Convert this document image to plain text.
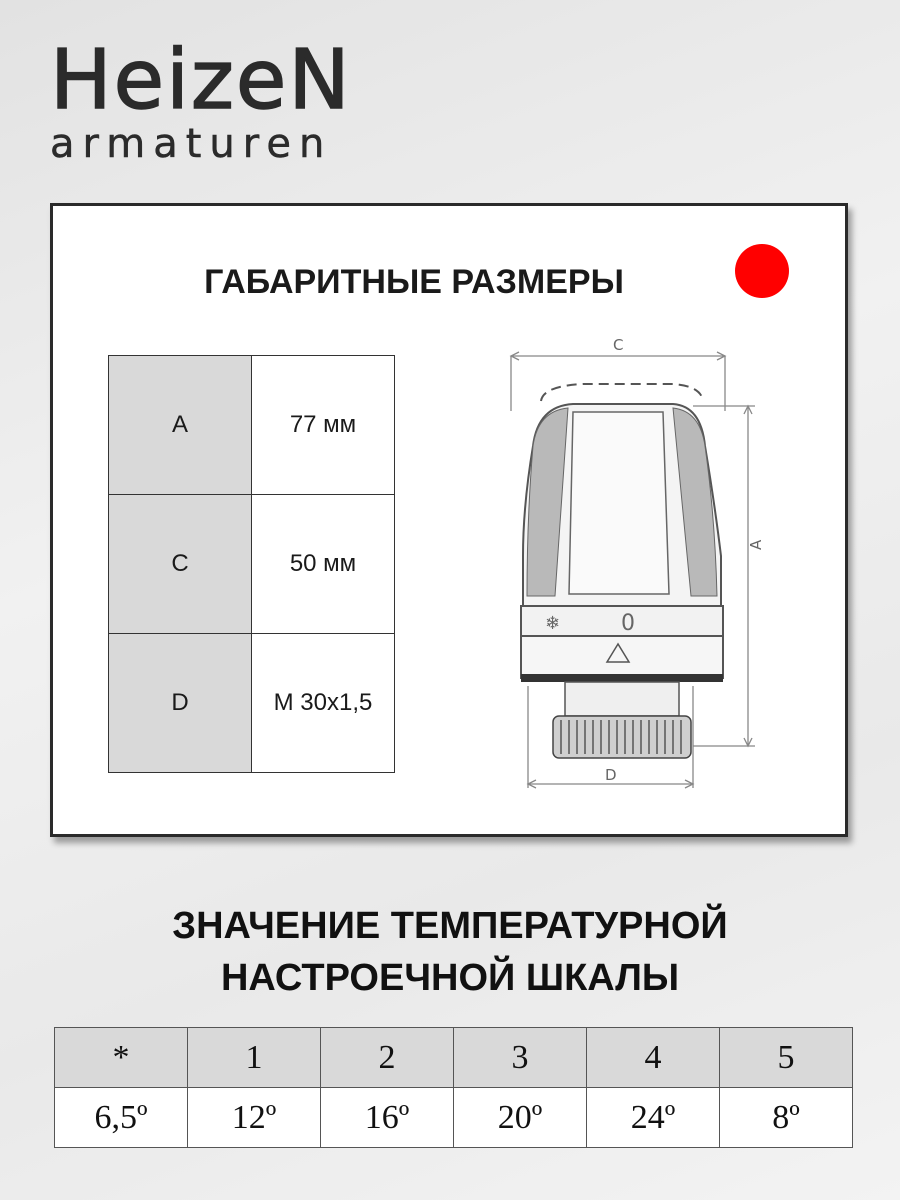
HeizeN
armaturen
ГАБАРИТНЫЕ РАЗМЕРЫ
A	77 мм
C	50 мм
D	M 30x1,5
❄	0
C
A
D
ЗНАЧЕНИЕ ТЕМПЕРАТУРНОЙ
НАСТРОЕЧНОЙ ШКАЛЫ
*	1	2	3	4	5
6,5º	12º	16º	20º	24º	8º
